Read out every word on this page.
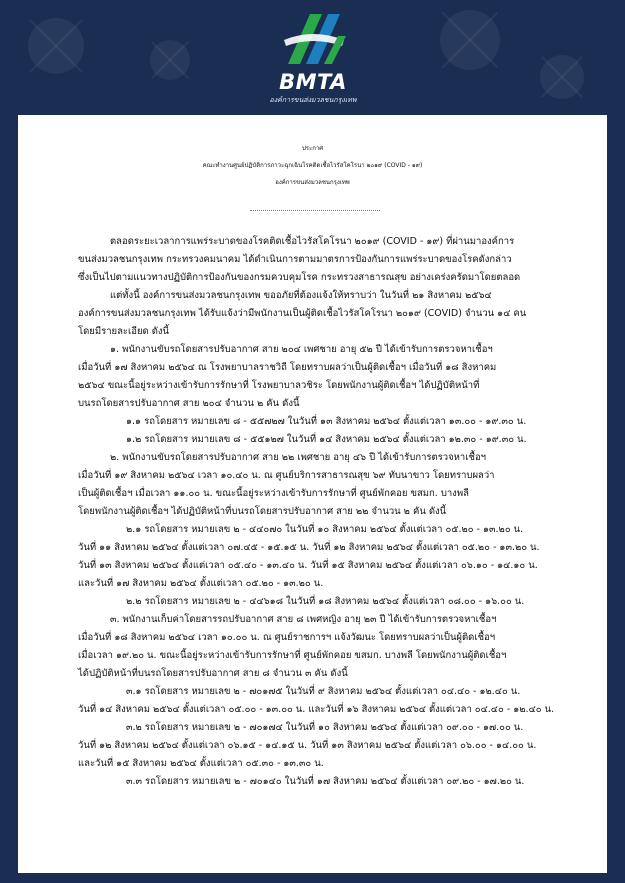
BMTA
องค์การขนส่งมวลชนกรุงเทพ
ประกาศ
คณะทำงานศูนย์ปฏิบัติการภาวะฉุกเฉินโรคติดเชื้อไวรัสโคโรนา ๒๐๑๙ (COVID - ๑๙)
องค์การขนส่งมวลชนกรุงเทพ
ตลอดระยะเวลาการแพร่ระบาดของโรคติดเชื้อไวรัสโคโรนา ๒๐๑๙ (COVID - ๑๙) ที่ผ่านมาองค์การ
ขนส่งมวลชนกรุงเทพ กระทรวงคมนาคม ได้ดำเนินการตามมาตรการป้องกันการแพร่ระบาดของโรคดังกล่าว
ซึ่งเป็นไปตามแนวทางปฏิบัติการป้องกันของกรมควบคุมโรค กระทรวงสาธารณสุข อย่างเคร่งครัดมาโดยตลอด
แต่ทั้งนี้ องค์การขนส่งมวลชนกรุงเทพ ขออภัยที่ต้องแจ้งให้ทราบว่า ในวันที่ ๒๑ สิงหาคม ๒๕๖๔
องค์การขนส่งมวลชนกรุงเทพ ได้รับแจ้งว่ามีพนักงานเป็นผู้ติดเชื้อไวรัสโคโรนา ๒๐๑๙ (COVID) จำนวน ๑๔ คน
โดยมีรายละเอียด ดังนี้
๑. พนักงานขับรถโดยสารปรับอากาศ สาย ๒๐๔ เพศชาย อายุ ๕๒ ปี ได้เข้ารับการตรวจหาเชื้อฯ
เมื่อวันที่ ๑๗ สิงหาคม ๒๕๖๔ ณ โรงพยาบาลราชวิถี โดยทราบผลว่าเป็นผู้ติดเชื้อฯ เมื่อวันที่ ๑๘ สิงหาคม
๒๕๖๔ ขณะนี้อยู่ระหว่างเข้ารับการรักษาที่ โรงพยาบาลวชิระ โดยพนักงานผู้ติดเชื้อฯ ได้ปฏิบัติหน้าที่
บนรถโดยสารปรับอากาศ สาย ๒๐๔ จำนวน ๒ คัน ดังนี้
๑.๑ รถโดยสาร หมายเลข ๘ - ๕๕๗๒๗ ในวันที่ ๑๓ สิงหาคม ๒๕๖๔ ตั้งแต่เวลา ๑๓.๐๐ - ๑๙.๓๐ น.
๑.๒ รถโดยสาร หมายเลข ๘ - ๕๕๑๒๗ ในวันที่ ๑๔ สิงหาคม ๒๕๖๔ ตั้งแต่เวลา ๑๒.๓๐ - ๑๙.๓๐ น.
๒. พนักงานขับรถโดยสารปรับอากาศ สาย ๒๒ เพศชาย อายุ ๔๖ ปี ได้เข้ารับการตรวจหาเชื้อฯ
เมื่อวันที่ ๑๙ สิงหาคม ๒๕๖๔ เวลา ๑๐.๔๐ น. ณ ศูนย์บริการสาธารณสุข ๖๙ ทับนาขาว โดยทราบผลว่า
เป็นผู้ติดเชื้อฯ เมื่อเวลา ๑๑.๐๐ น. ขณะนี้อยู่ระหว่างเข้ารับการรักษาที่ ศูนย์พักคอย ขสมก. บางพลี
โดยพนักงานผู้ติดเชื้อฯ ได้ปฏิบัติหน้าที่บนรถโดยสารปรับอากาศ สาย ๒๒ จำนวน ๒ คัน ดังนี้
๒.๑ รถโดยสาร หมายเลข ๒ - ๔๔๐๗๐ ในวันที่ ๑๐ สิงหาคม ๒๕๖๔ ตั้งแต่เวลา ๐๕.๒๐ - ๑๓.๒๐ น.
วันที่ ๑๑ สิงหาคม ๒๕๖๔ ตั้งแต่เวลา ๐๗.๔๕ - ๑๕.๑๕ น. วันที่ ๑๒ สิงหาคม ๒๕๖๔ ตั้งแต่เวลา ๐๕.๒๐ - ๑๓.๒๐ น.
วันที่ ๑๓ สิงหาคม ๒๕๖๔ ตั้งแต่เวลา ๐๕.๔๐ - ๑๓.๔๐ น. วันที่ ๑๕ สิงหาคม ๒๕๖๔ ตั้งแต่เวลา ๐๖.๑๐ - ๑๔.๑๐ น.
และวันที่ ๑๗ สิงหาคม ๒๕๖๔ ตั้งแต่เวลา ๐๕.๒๐ - ๑๓.๒๐ น.
๒.๒ รถโดยสาร หมายเลข ๒ - ๔๔๖๑๘ ในวันที่ ๑๘ สิงหาคม ๒๕๖๔ ตั้งแต่เวลา ๐๘.๐๐ - ๑๖.๐๐ น.
๓. พนักงานเก็บค่าโดยสารรถปรับอากาศ สาย ๘ เพศหญิง อายุ ๒๓ ปี ได้เข้ารับการตรวจหาเชื้อฯ
เมื่อวันที่ ๑๘ สิงหาคม ๒๕๖๔ เวลา ๑๐.๐๐ น. ณ ศูนย์ราชการฯ แจ้งวัฒนะ โดยทราบผลว่าเป็นผู้ติดเชื้อฯ
เมื่อเวลา ๑๙.๒๐ น. ขณะนี้อยู่ระหว่างเข้ารับการรักษาที่ ศูนย์พักคอย ขสมก. บางพลี โดยพนักงานผู้ติดเชื้อฯ
ได้ปฏิบัติหน้าที่บนรถโดยสารปรับอากาศ สาย ๘ จำนวน ๓ คัน ดังนี้
๓.๑ รถโดยสาร หมายเลข ๒ - ๗๐๑๗๕ ในวันที่ ๙ สิงหาคม ๒๕๖๔ ตั้งแต่เวลา ๐๔.๔๐ - ๑๒.๔๐ น.
วันที่ ๑๔ สิงหาคม ๒๕๖๔ ตั้งแต่เวลา ๐๕.๐๐ - ๑๓.๐๐ น. และวันที่ ๑๖ สิงหาคม ๒๕๖๔ ตั้งแต่เวลา ๐๔.๔๐ - ๑๒.๔๐ น.
๓.๒ รถโดยสาร หมายเลข ๒ - ๗๐๑๗๔ ในวันที่ ๑๐ สิงหาคม ๒๕๖๔ ตั้งแต่เวลา ๐๙.๐๐ - ๑๗.๐๐ น.
วันที่ ๑๒ สิงหาคม ๒๕๖๔ ตั้งแต่เวลา ๐๖.๑๕ - ๑๔.๑๕ น. วันที่ ๑๓ สิงหาคม ๒๕๖๔ ตั้งแต่เวลา ๐๖.๐๐ - ๑๔.๐๐ น.
และวันที่ ๑๕ สิงหาคม ๒๕๖๔ ตั้งแต่เวลา ๐๕.๓๐ - ๑๓.๓๐ น.
๓.๓ รถโดยสาร หมายเลข ๒ - ๗๐๑๔๐ ในวันที่ ๑๗ สิงหาคม ๒๕๖๔ ตั้งแต่เวลา ๐๙.๒๐ - ๑๗.๒๐ น.
